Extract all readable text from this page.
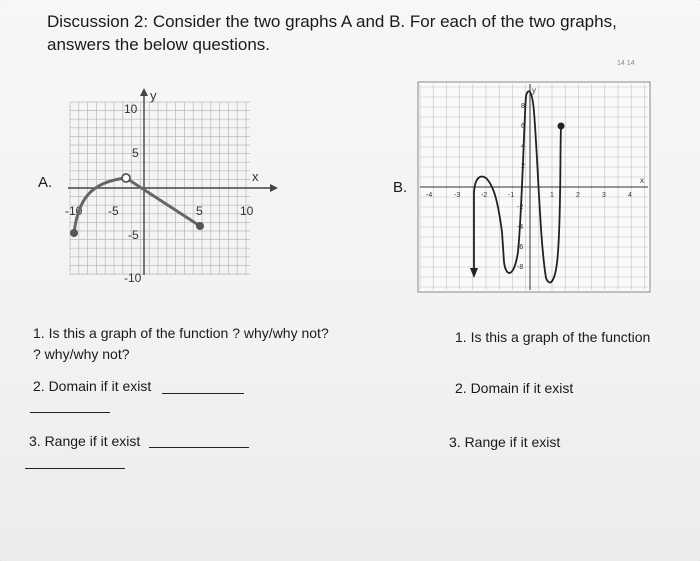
Discussion 2: Consider the two graphs A and B. For each of the two graphs,
answers the below questions.
14 14
A.
y
x
-10 -5	5	10
10
5
-5
-10
B.
y
x
-4	-3	-2	-1	1	2	3	4
8
6
4
2
-2
-4
-6
-8
1. Is this a graph of the function ? why/why not?
? why/why not?
2. Domain if it exist
3. Range if it exist
1. Is this a graph of the function
2. Domain if it exist
3. Range if it exist
